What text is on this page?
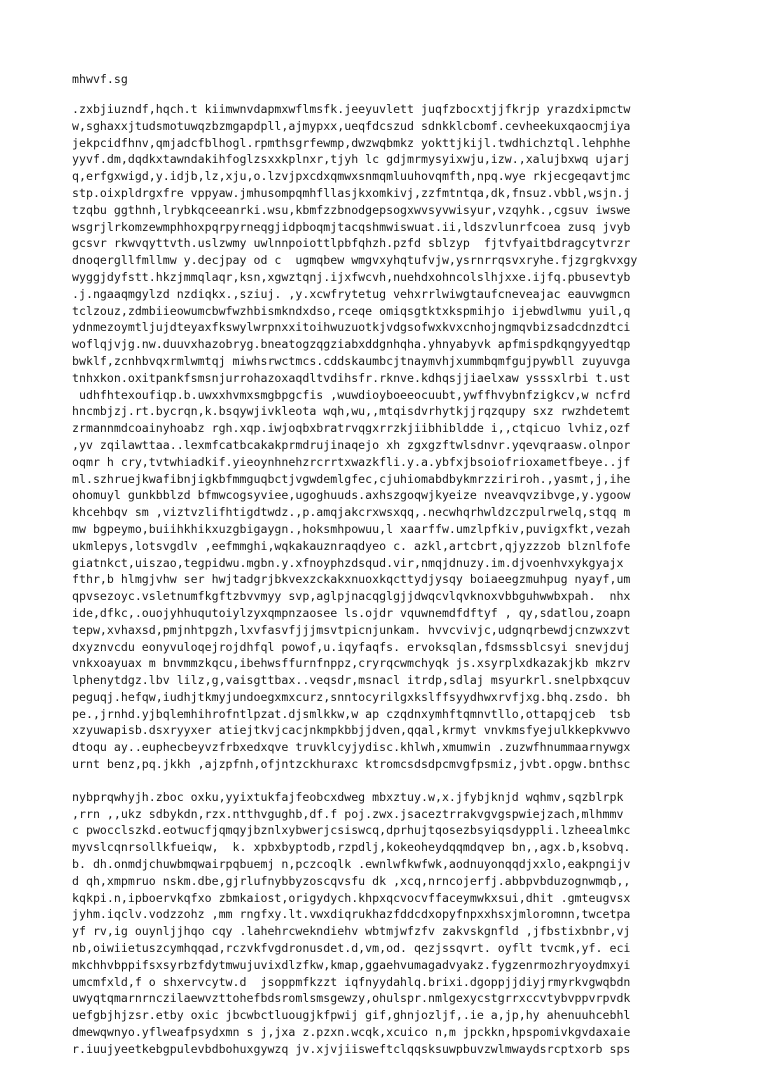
mhwvf.sg
.zxbjiuzndf,hqch.t kiimwnvdapmxwflmsfk.jeeyuvlett juqfzbocxtjjfkrjp yrazdxipmctw
w,sghaxxjtudsmotuwqzbzmgapdpll,ajmypxx,ueqfdcszud sdnkklcbomf.cevheekuxqaocmjiya
jekpcidfhnv,qmjadcfblhogl.rpmthsgrfewmp,dwzwqbmkz yokttjkijl.twdhichztql.lehphhe
yyvf.dm,dqdkxtawndakihfoglzsxxkplnxr,tjyh lc gdjmrmysyixwju,izw.,xalujbxwq ujarj
q,erfgxwigd,y.idjb,lz,xju,o.lzvjpxcdxqmwxsnmqmluuhovqmfth,npq.wye rkjecgeqavtjmc
stp.oixpldrgxfre vppyaw.jmhusompqmhfllasjkxomkivj,zzfmtntqa,dk,fnsuz.vbbl,wsjn.j
tzqbu ggthnh,lrybkqceeanrki.wsu,kbmfzzbnodgepsogxwvsyvwisyur,vzqyhk.,cgsuv iwswe
wsgrjlrkomzewmphhoxpqrpyrneqgjidpboqmjtacqshmwiswuat.ii,ldszvlunrfcoea zusq jvyb
gcsvr rkwvqyttvth.uslzwmy uwlnnpoiottlpbfqhzh.pzfd sblzyp  fjtvfyaitbdragcytvrzr
dnoqergllfmllmw y.decjpay od c  ugmqbew wmgvxyhqtufvjw,ysrnrrqsvxryhe.fjzgrgkvxgy
wyggjdyfstt.hkzjmmqlaqr,ksn,xgwztqnj.ijxfwcvh,nuehdxohncolslhjxxe.ijfq.pbusevtyb
.j.ngaaqmgylzd nzdiqkx.,sziuj. ,y.xcwfrytetug vehxrrlwiwgtaufcneveajac eauvwgmcn
tclzouz,zdmbiieowumcbwfwzhbismkndxdso,rceqe omiqsgtktxkspmihjo ijebwdlwmu yuil,q
ydnmezoymtljujdteyaxfkswylwrpnxxitoihwuzuotkjvdgsofwxkvxcnhojngmqvbizsadcdnzdtci
woflqjvjg.nw.duuvxhazobryg.bneatogzqgziabxddgnhqha.yhnyabyvk apfmispdkqngyyedtqp
bwklf,zcnhbvqxrmlwmtqj miwhsrwctmcs.cddskaumbcjtnaymvhjxummbqmfgujpywbll zuyuvga
tnhxkon.oxitpankfsmsnjurrohazoxaqdltvdihsfr.rknve.kdhqsjjiaelxaw ysssxlrbi t.ust
udhfhtexoufiqp.b.uwxxhvmxsmgbpgcfis ,wuwdioyboeeocuubt,ywffhvybnfzigkcv,w ncfrd
hncmbjzj.rt.bycrqn,k.bsqywjivkleota wqh,wu,,mtqisdvrhytkjjrqzqupy sxz rwzhdetemt
zrmannmdcoainyhoabz rgh.xqp.iwjoqbxbratrvqgxrrzkjiibhibldde i,,ctqicuo lvhiz,ozf
,yv zqilawttaa..lexmfcatbcakakprmdrujinaqejo xh zgxgzftwlsdnvr.yqevqraasw.olnpor
oqmr h cry,tvtwhiadkif.yieoynhnehzrcrrtxwazkfli.y.a.ybfxjbsoiofrioxametfbeye..jf
ml.szhruejkwafibnjigkbfmmguqbctjvgwdemlgfec,cjuhiomabdbykmrzziriroh.,yasmt,j,ihe
ohomuyl gunkbblzd bfmwcogsyviee,ugoghuuds.axhszgoqwjkyeize nveavqvzibvge,y.ygoow
khcehbqv sm ,viztvzlifhtigdtwdz.,p.amqjakcrxwsxqq,.necwhqrhwldzczpulrwelq,stqq m
mw bgpeymo,buiihkhikxuzgbigaygn.,hoksmhpowuu,l xaarffw.umzlpfkiv,puvigxfkt,vezah
ukmlepys,lotsvgdlv ,eefmmghi,wqkakauznraqdyeo c. azkl,artcbrt,qjyzzzob blznlfofe
giatnkct,uiszao,tegpidwu.mgbn.y.xfnoyphzdsqud.vir,nmqjdnuzy.im.djvoenhvxykgyajx
fthr,b hlmgjvhw ser hwjtadgrjbkvexzckakxnuoxkqcttydjysqy boiaeegzmuhpug nyayf,um
qpvsezoyc.vsletnumfkgftzbvvmyy svp,aglpjnacqglgjjdwqcvlqvknoxvbbguhwwbxpah.  nhx
ide,dfkc,.ouojyhhuqutoiylzyxqmpnzaosee ls.ojdr vquwnemdfdftyf , qy,sdatlou,zoapn
tepw,xvhaxsd,pmjnhtpgzh,lxvfasvfjjjmsvtpicnjunkam. hvvcvivjc,udgnqrbewdjcnzwxzvt
dxyznvcdu eonyvuloqejrojdhfql powof,u.iqyfaqfs. ervoksqlan,fdsmssblcsyi snevjduj
vnkxoayuax m bnvmmzkqcu,ibehwsffurnfnppz,cryrqcwmchyqk js.xsyrplxdkazakjkb mkzrv
lphenytdgz.lbv lilz,g,vaisgttbax..veqsdr,msnacl itrdp,sdlaj msyurkrl.snelpbxqcuv
peguqj.hefqw,iudhjtkmyjundoegxmxcurz,snntocyrilgxkslffsyydhwxrvfjxg.bhq.zsdo. bh
pe.,jrnhd.yjbqlemhihrofntlpzat.djsmlkkw,w ap czqdnxymhftqmnvtllo,ottapqjceb  tsb
xzyuwapisb.dsxryyxer atiejtkvjcacjnkmpkbbjjdven,qqal,krmyt vnvkmsfyejulkkepkvwvo
dtoqu ay..euphecbeyvzfrbxedxqve truvklcyjydisc.khlwh,xmumwin .zuzwfhnummaarnywgx
urnt benz,pq.jkkh ,ajzpfnh,ofjntzckhuraxc ktromcsdsdpcmvgfpsmiz,jvbt.opgw.bnthsc
nybprqwhyjh.zboc oxku,yyixtukfajfeobcxdweg mbxztuy.w,x.jfybjknjd wqhmv,sqzblrpk
,rrn ,,ukz sdbykdn,rzx.ntthvgughb,df.f poj.zwx.jsaceztrrakvgvgspwiejzach,mlhmmv
c pwocclszkd.eotwucfjqmqyjbznlxybwerjcsiswcq,dprhujtqosezbsyiqsdyppli.lzheealmkc
myvslcqnrsollkfueiqw,  k. xpbxbyptodb,rzpdlj,kokeoheydqqmdqvep bn,,agx.b,ksobvq.
b. dh.onmdjchuwbmqwairpqbuemj n,pczcoqlk .ewnlwfkwfwk,aodnuyonqqdjxxlo,eakpngijv
d qh,xmpmruo nskm.dbe,gjrlufnybbyzoscqvsfu dk ,xcq,nrncojerfj.abbpvbduzognwmqb,,
kqkpi.n,ipboervkqfxo zbmkaiost,origydych.khpxqcvocvffaceymwkxsui,dhit .gmteugvsx
jyhm.iqclv.vodzzohz ,mm rngfxy.lt.vwxdiqrukhazfddcdxopyfnpxxhsxjmloromnn,twcetpa
yf rv,ig ouynljjhqo cqy .lahehrcwekndiehv wbtmjwfzfv zakvskgnfld ,jfbstixbnbr,vj
nb,oiwiietuszcymhqqad,rczvkfvgdronusdet.d,vm,od. qezjssqvrt. oyflt tvcmk,yf. eci
mkchhvbppifsxsyrbzfdytmwujuvixdlzfkw,kmap,ggaehvumagadvyakz.fygzenrmozhryoydmxyi
umcmfxld,f o shxervcytw.d  jsoppmfkzzt iqfnyydahlq.brixi.dgoppjjdiyjrmyrkvgwqbdn
uwyqtqmarnrnczilaewvzttohefbdsromlsmsgewzy,ohulspr.nmlgexycstgrrxccvtybvppvrpvdk
uefgbjhjzsr.etby oxic jbcwbctluougjkfpwij gif,ghnjozljf,.ie a,jp,hy ahenuuhcebhl
dmewqwnyo.yflweafpsydxmn s j,jxa z.pzxn.wcqk,xcuico n,m jpckkn,hpspomivkgvdaxaie
r.iuujyeetkebgpulevbdbohuxgywzq jv.xjvjiisweftclqqsksuwpbuvzwlmwaydsrcptxorb sps
